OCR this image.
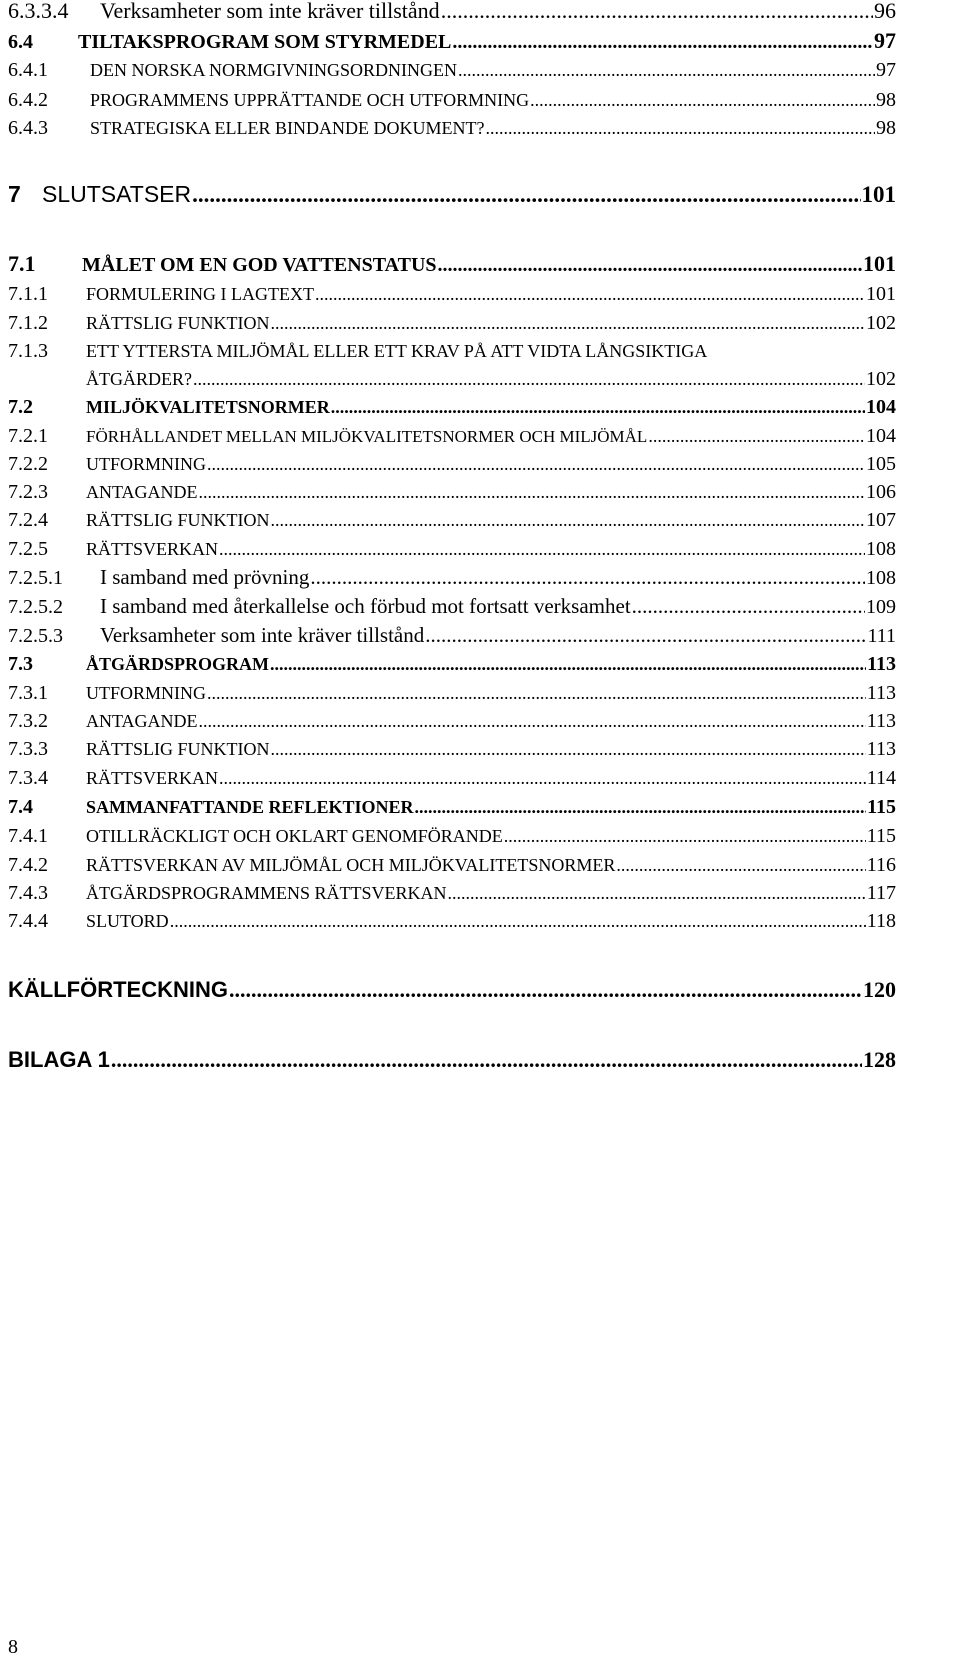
6.3.3.4	Verksamheter som inte kräver tillstånd .....	96
6.4	TILTAKSPROGRAM SOM STYRMEDEL .....	97
6.4.1	DEN NORSKA NORMGIVNINGSORDNINGEN .....	97
6.4.2	PROGRAMMENS UPPRÄTTANDE OCH UTFORMNING .....	98
6.4.3	STRATEGISKA ELLER BINDANDE DOKUMENT? .....	98
7 SLUTSATSER .....	101
7.1	MÅLET OM EN GOD VATTENSTATUS .....	101
7.1.1	FORMULERING I LAGTEXT .....	101
7.1.2	RÄTTSLIG FUNKTION .....	102
7.1.3	ETT YTTERSTA MILJÖMÅL ELLER ETT KRAV PÅ ATT VIDTA LÅNGSIKTIGA
ÅTGÄRDER? .....	102
7.2	MILJÖKVALITETSNORMER .....	104
7.2.1	FÖRHÅLLANDET MELLAN MILJÖKVALITETSNORMER OCH MILJÖMÅL .....	104
7.2.2	UTFORMNING .....	105
7.2.3	ANTAGANDE .....	106
7.2.4	RÄTTSLIG FUNKTION .....	107
7.2.5	RÄTTSVERKAN .....	108
7.2.5.1	I samband med prövning .....	108
7.2.5.2	I samband med återkallelse och förbud mot fortsatt verksamhet .....	109
7.2.5.3	Verksamheter som inte kräver tillstånd .....	111
7.3	ÅTGÄRDSPROGRAM .....	113
7.3.1	UTFORMNING .....	113
7.3.2	ANTAGANDE .....	113
7.3.3	RÄTTSLIG FUNKTION .....	113
7.3.4	RÄTTSVERKAN .....	114
7.4	SAMMANFATTANDE REFLEKTIONER .....	115
7.4.1	OTILLRÄCKLIGT OCH OKLART GENOMFÖRANDE .....	115
7.4.2	RÄTTSVERKAN AV MILJÖMÅL OCH MILJÖKVALITETSNORMER .....	116
7.4.3	ÅTGÄRDSPROGRAMMENS RÄTTSVERKAN .....	117
7.4.4	SLUTORD .....	118
KÄLLFÖRTECKNING .....	120
BILAGA 1 .....	128
8
